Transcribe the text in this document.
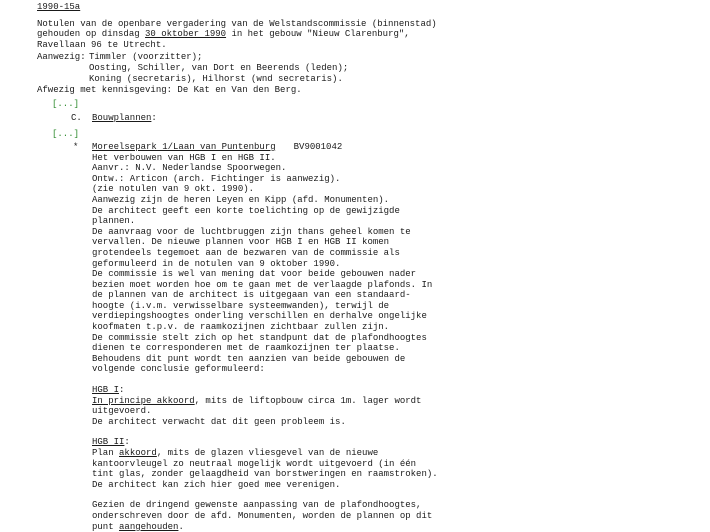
1990-15a
Notulen van de openbare vergadering van de Welstandscommissie (binnenstad)
gehouden op dinsdag 30 oktober 1990 in het gebouw "Nieuw Clarenburg",
Ravellaan 96 te Utrecht.
Aanwezig: Timmler (voorzitter);
Oosting, Schiller, van Dort en Beerends (leden);
Koning (secretaris), Hilhorst (wnd secretaris).
Afwezig met kennisgeving: De Kat en Van den Berg.
[...]
C. Bouwplannen:
[...]
* Moreelsepark 1/Laan van Puntenburg BV9001042
Het verbouwen van HGB I en HGB II.
Aanvr.: N.V. Nederlandse Spoorwegen.
Ontw.: Articon (arch. Fichtinger is aanwezig).
(zie notulen van 9 okt. 1990).
Aanwezig zijn de heren Leyen en Kipp (afd. Monumenten).
De architect geeft een korte toelichting op de gewijzigde
plannen.
De aanvraag voor de luchtbruggen zijn thans geheel komen te
vervallen. De nieuwe plannen voor HGB I en HGB II komen
grotendeels tegemoet aan de bezwaren van de commissie als
geformuleerd in de notulen van 9 oktober 1990.
De commissie is wel van mening dat voor beide gebouwen nader
bezien moet worden hoe om te gaan met de verlaagde plafonds. In
de plannen van de architect is uitgegaan van een standaard-
hoogte (i.v.m. verwisselbare systeemwanden), terwijl de
verdiepingshoogtes onderling verschillen en derhalve ongelijke
koofmaten t.p.v. de raamkozijnen zichtbaar zullen zijn.
De commissie stelt zich op het standpunt dat de plafondhoogtes
dienen te corresponderen met de raamkozijnen ter plaatse.
Behoudens dit punt wordt ten aanzien van beide gebouwen de
volgende conclusie geformuleerd:
HGB I:
In principe akkoord, mits de liftopbouw circa 1m. lager wordt
uitgevoerd.
De architect verwacht dat dit geen probleem is.
HGB II:
Plan akkoord, mits de glazen vliesgevel van de nieuwe
kantoorvleugel zo neutraal mogelijk wordt uitgevoerd (in één
tint glas, zonder gelaagdheid van borstweringen en raamstroken).
De architect kan zich hier goed mee verenigen.
Gezien de dringend gewenste aanpassing van de plafondhoogtes,
onderschreven door de afd. Monumenten, worden de plannen op dit
punt aangehouden.
